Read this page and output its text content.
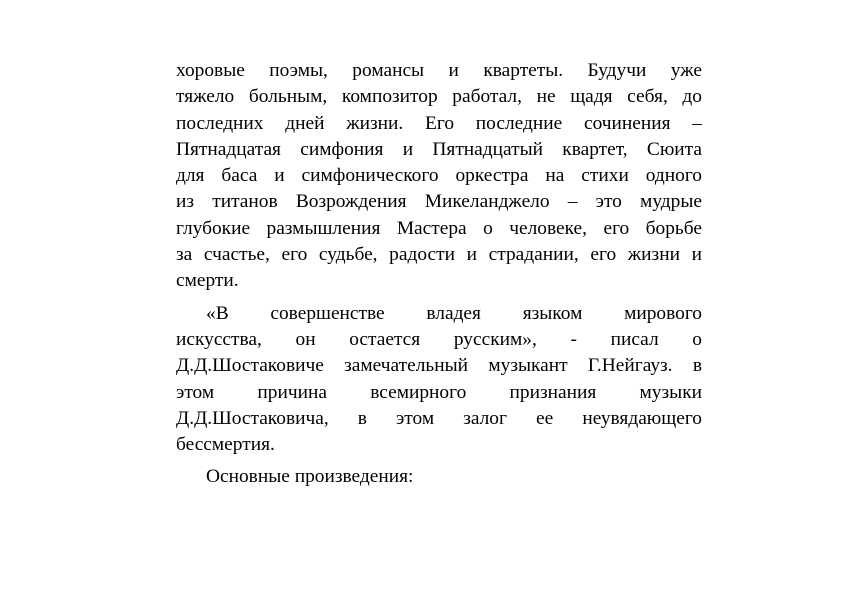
хоровые поэмы, романсы и квартеты. Будучи уже
тяжело больным, композитор работал, не щадя себя, до
последних дней жизни. Его последние сочинения –
Пятнадцатая симфония и Пятнадцатый квартет, Сюита
для баса и симфонического оркестра на стихи одного
из титанов Возрождения Микеланджело – это мудрые
глубокие размышления Мастера о человеке, его борьбе
за счастье, его судьбе, радости и страдании, его жизни и
смерти.
«В совершенстве владея языком мирового
искусства, он остается русским», - писал о
Д.Д.Шостаковиче замечательный музыкант Г.Нейгауз. в
этом причина всемирного признания музыки
Д.Д.Шостаковича, в этом залог ее неувядающего
бессмертия.
Основные произведения:
